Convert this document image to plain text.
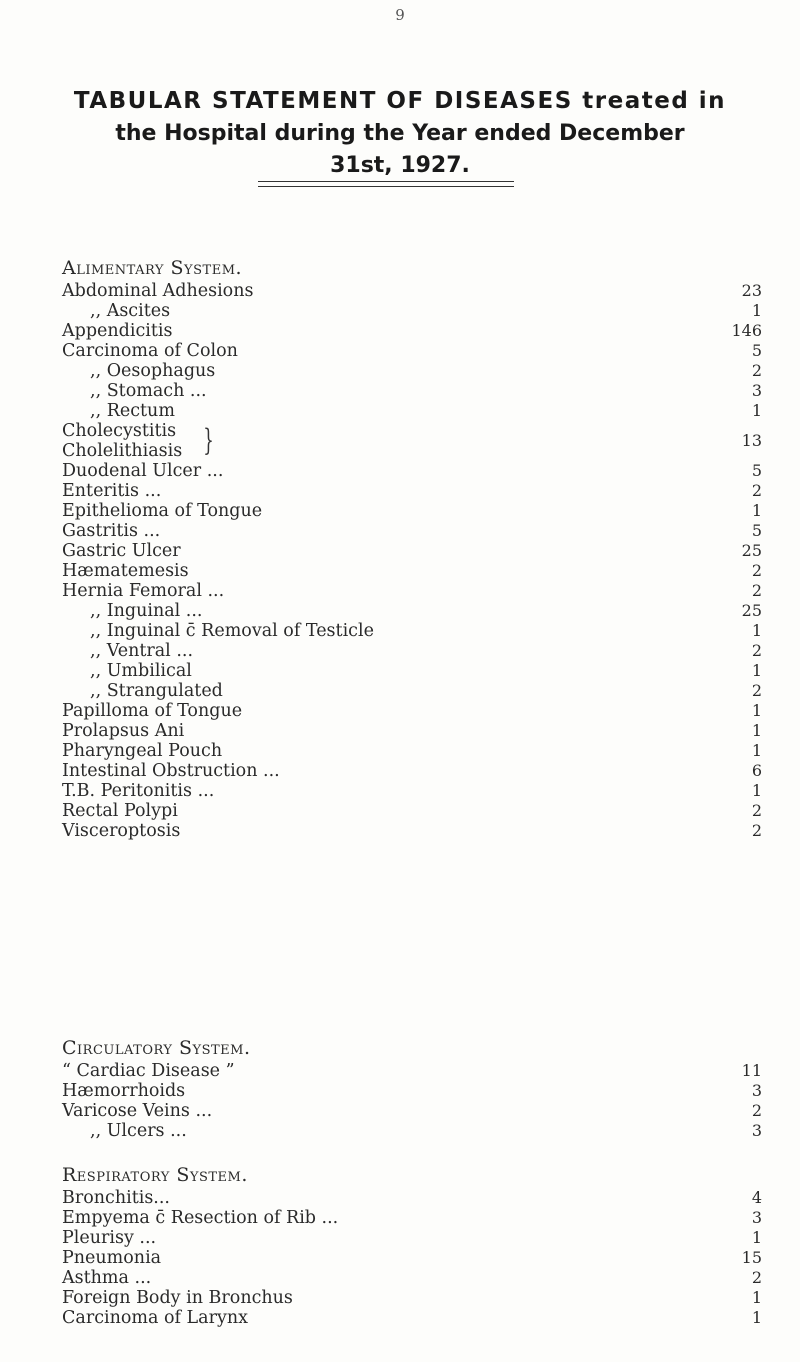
9
TABULAR STATEMENT OF DISEASES treated in
the Hospital during the Year ended December
31st, 1927.
Alimentary System.
Abdominal Adhesions	23
,, Ascites	1
Appendicitis	146
Carcinoma of Colon	5
,, Oesophagus	2
,, Stomach ...	3
,, Rectum	1
Cholecystitis
Cholelithiasis }	13
Duodenal Ulcer ...	5
Enteritis ...	2
Epithelioma of Tongue	1
Gastritis ...	5
Gastric Ulcer	25
Hæmatemesis	2
Hernia Femoral ...	2
,, Inguinal ...	25
,, Inguinal c̄ Removal of Testicle	1
,, Ventral ...	2
,, Umbilical	1
,, Strangulated	2
Papilloma of Tongue	1
Prolapsus Ani	1
Pharyngeal Pouch	1
Intestinal Obstruction ...	6
T.B. Peritonitis ...	1
Rectal Polypi	2
Visceroptosis	2
Circulatory System.
“ Cardiac Disease ”	11
Hæmorrhoids	3
Varicose Veins ...	2
,, Ulcers ...	3
Respiratory System.
Bronchitis...	4
Empyema c̄ Resection of Rib ...	3
Pleurisy ...	1
Pneumonia	15
Asthma ...	2
Foreign Body in Bronchus	1
Carcinoma of Larynx	1
